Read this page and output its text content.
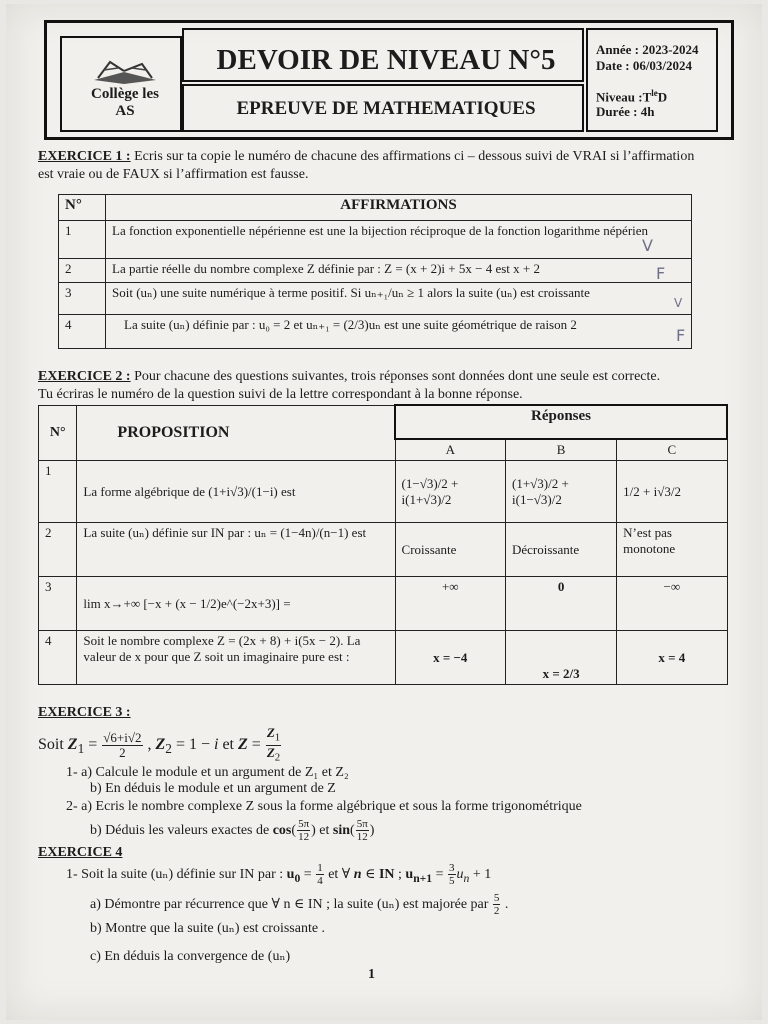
Collège les
AS
DEVOIR DE NIVEAU N°5
EPREUVE DE MATHEMATIQUES
Année : 2023-2024
Date : 06/03/2024
Niveau $:T^{le}D$
Durée : 4h
EXERCICE 1 : Ecris sur ta copie le numéro de chacune des affirmations ci – dessous suivi de VRAI si l’affirmation est vraie ou de FAUX si l’affirmation est fausse.
N°	AFFIRMATIONS
1	La fonction exponentielle népérienne est une la bijection réciproque de la fonction logarithme népérien
2	La partie réelle du nombre complexe Z définie par : Z = (x + 2)i + 5x − 4 est x + 2
3	Soit (uₙ) une suite numérique à terme positif. Si uₙ₊₁/uₙ ≥ 1 alors la suite (uₙ) est croissante
4	La suite (uₙ) définie par : u₀ = 2 et uₙ₊₁ = (2/3)uₙ est une suite géométrique de raison 2
V
F
V
F
EXERCICE 2 : Pour chacune des questions suivantes, trois réponses sont données dont une seule est correcte. Tu écriras le numéro de la question suivi de la lettre correspondant à la bonne réponse.
N°	PROPOSITION	Réponses		
		A	B	C
1	La forme algébrique de (1+i√3)/(1−i) est	(1−√3)/2 + i(1+√3)/2	(1+√3)/2 + i(1−√3)/2	1/2 + i√3/2
2	La suite (uₙ) définie sur IN par : uₙ = (1−4n)/(n−1) est	Croissante	Décroissante	N’est pas monotone
3	lim x→+∞ [−x + (x − 1/2)e^(−2x+3)] =	+∞	0	−∞
4	Soit le nombre complexe Z = (2x + 8) + i(5x − 2). La valeur de x pour que Z soit un imaginaire pure est :	x = −4	x = 2/3	x = 4
EXERCICE 3 :
Soit $Z_1 = \frac{√6+i√2}{2}$ , $Z_2 = 1 - i$ et $Z = \frac{Z_1}{Z_2}$
1- a) Calcule le module et un argument de Z₁ et Z₂
b) En déduis le module et un argument de Z
2- a) Ecris le nombre complexe Z sous la forme algébrique et sous la forme trigonométrique
b) Déduis les valeurs exactes de $\cos( \frac{5\pi}{12}$ ) et $\sin( \frac{5\pi}{12}$ )
EXERCICE 4
1- Soit la suite (uₙ) définie sur IN par : $u_0 = \frac{1}{4}$ et ∀ n ∈ IN ; $u_{n+1} = \frac{3}{5} u_n + 1$
a) Démontre par récurrence que ∀ n ∈ IN ; la suite (uₙ) est majorée par $\frac{5}{2}$ .
b) Montre que la suite (uₙ) est croissante .
c) En déduis la convergence de (uₙ)
1
